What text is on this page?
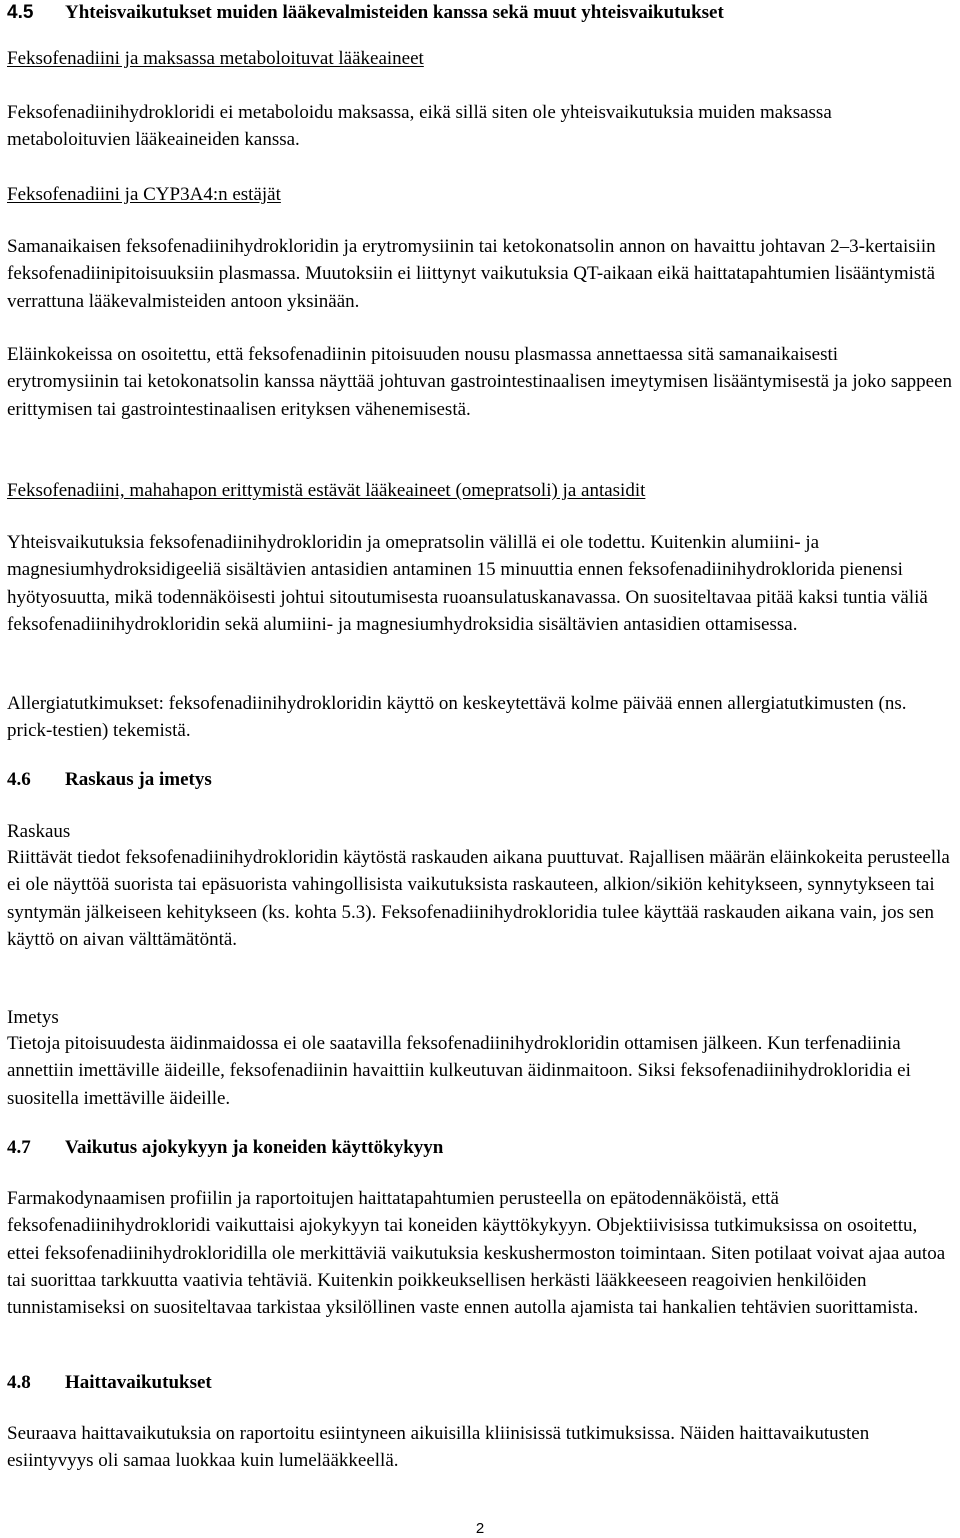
4.5 Yhteisvaikutukset muiden lääkevalmisteiden kanssa sekä muut yhteisvaikutukset

Feksofenadiini ja maksassa metaboloituvat lääkeaineet

Feksofenadiinihydrokloridi ei metaboloidu maksassa, eikä sillä siten ole yhteisvaikutuksia muiden maksassa metaboloituvien lääkeaineiden kanssa.

Feksofenadiini ja CYP3A4:n estäjät

Samanaikaisen feksofenadiinihydrokloridin ja erytromysiinin tai ketokonatsolin annon on havaittu johtavan 2–3-kertaisiin feksofenadiinipitoisuuksiin plasmassa. Muutoksiin ei liittynyt vaikutuksia QT-aikaan eikä haittatapahtumien lisääntymistä verrattuna lääkevalmisteiden antoon yksinään.

Eläinkokeissa on osoitettu, että feksofenadiinin pitoisuuden nousu plasmassa annettaessa sitä samanaikaisesti erytromysiinin tai ketokonatsolin kanssa näyttää johtuvan gastrointestinaalisen imeytymisen lisääntymisestä ja joko sappeen erittymisen tai gastrointestinaalisen erityksen vähenemisestä.

Feksofenadiini, mahahapon erittymistä estävät lääkeaineet (omepratsoli) ja antasidit

Yhteisvaikutuksia feksofenadiinihydrokloridin ja omepratsolin välillä ei ole todettu. Kuitenkin alumiini- ja magnesiumhydroksidigeeliä sisältävien antasidien antaminen 15 minuuttia ennen feksofenadiinihydroklorida pienensi hyötyosuutta, mikä todennäköisesti johtui sitoutumisesta ruoansulatuskanavassa. On suositeltavaa pitää kaksi tuntia väliä feksofenadiinihydrokloridin sekä alumiini- ja magnesiumhydroksidia sisältävien antasidien ottamisessa.

Allergiatutkimukset: feksofenadiinihydrokloridin käyttö on keskeytettävä kolme päivää ennen allergiatutkimusten (ns. prick-testien) tekemistä.

4.6 Raskaus ja imetys

Raskaus

Riittävät tiedot feksofenadiinihydrokloridin käytöstä raskauden aikana puuttuvat. Rajallisen määrän eläinkokeita perusteella ei ole näyttöä suorista tai epäsuorista vahingollisista vaikutuksista raskauteen, alkion/sikiön kehitykseen, synnytykseen tai syntymän jälkeiseen kehitykseen (ks. kohta 5.3). Feksofenadiinihydrokloridia tulee käyttää raskauden aikana vain, jos sen käyttö on aivan välttämätöntä.

Imetys

Tietoja pitoisuudesta äidinmaidossa ei ole saatavilla feksofenadiinihydrokloridin ottamisen jälkeen. Kun terfenadiinia annettiin imettäville äideille, feksofenadiinin havaittiin kulkeutuvan äidinmaitoon. Siksi feksofenadiinihydrokloridia ei suositella imettäville äideille.

4.7 Vaikutus ajokykyyn ja koneiden käyttökykyyn

Farmakodynaamisen profiilin ja raportoitujen haittatapahtumien perusteella on epätodennäköistä, että feksofenadiinihydrokloridi vaikuttaisi ajokykyyn tai koneiden käyttökykyyn. Objektiivisissa tutkimuksissa on osoitettu, ettei feksofenadiinihydrokloridilla ole merkittäviä vaikutuksia keskushermoston toimintaan. Siten potilaat voivat ajaa autoa tai suorittaa tarkkuutta vaativia tehtäviä. Kuitenkin poikkeuksellisen herkästi lääkkeeseen reagoivien henkilöiden tunnistamiseksi on suositeltavaa tarkistaa yksilöllinen vaste ennen autolla ajamista tai hankalien tehtävien suorittamista.

4.8 Haittavaikutukset

Seuraava haittavaikutuksia on raportoitu esiintyneen aikuisilla kliinisissä tutkimuksissa. Näiden haittavaikutusten esiintyvyys oli samaa luokkaa kuin lumelääkkeellä.

2
